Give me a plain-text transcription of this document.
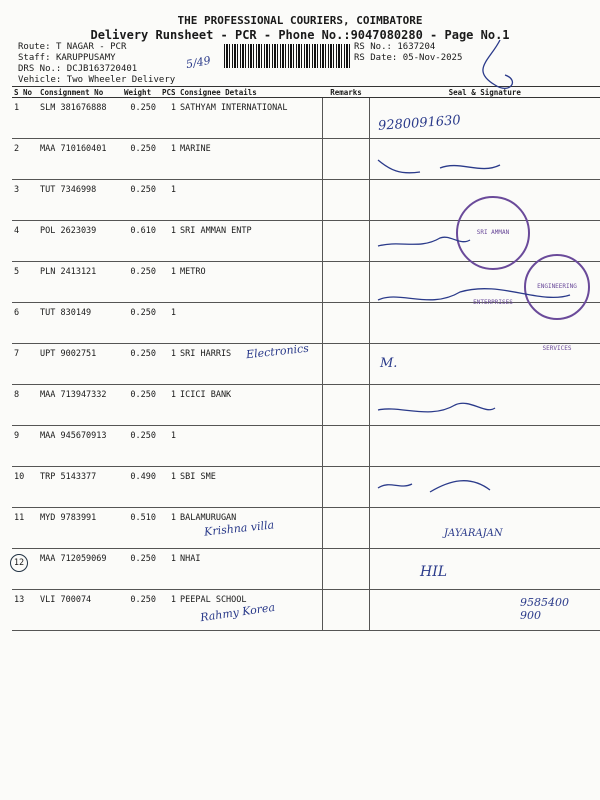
THE PROFESSIONAL COURIERS, COIMBATORE
Delivery Runsheet - PCR - Phone No.:9047080280 - Page No.1
Route: T NAGAR - PCR
Staff: KARUPPUSAMY
DRS No.: DCJB163720401
Vehicle: Two Wheeler Delivery
RS No.: 1637204
RS Date: 05-Nov-2025
5/49
S No	Consignment No	Weight	PCS	Consignee Details	Remarks	Seal & Signature
1	SLM 381676888	0.250	1	SATHYAM INTERNATIONAL		
2	MAA 710160401	0.250	1	MARINE		
3	TUT 7346998	0.250	1			
4	POL 2623039	0.610	1	SRI AMMAN ENTP		
5	PLN 2413121	0.250	1	METRO		
6	TUT 830149	0.250	1			
7	UPT 9002751	0.250	1	SRI HARRIS		
8	MAA 713947332	0.250	1	ICICI BANK		
9	MAA 945670913	0.250	1			
10	TRP 5143377	0.490	1	SBI SME		
11	MYD 9783991	0.510	1	BALAMURUGAN		
12	MAA 712059069	0.250	1	NHAI		
13	VLI 700074	0.250	1	PEEPAL SCHOOL		
9280091630
Electronics
M.
Krishna villa	JAYARAJAN
HIL
Rahmy Korea	9585400 900
SRI AMMAN ENTERPRISES
ENGINEERING SERVICES
